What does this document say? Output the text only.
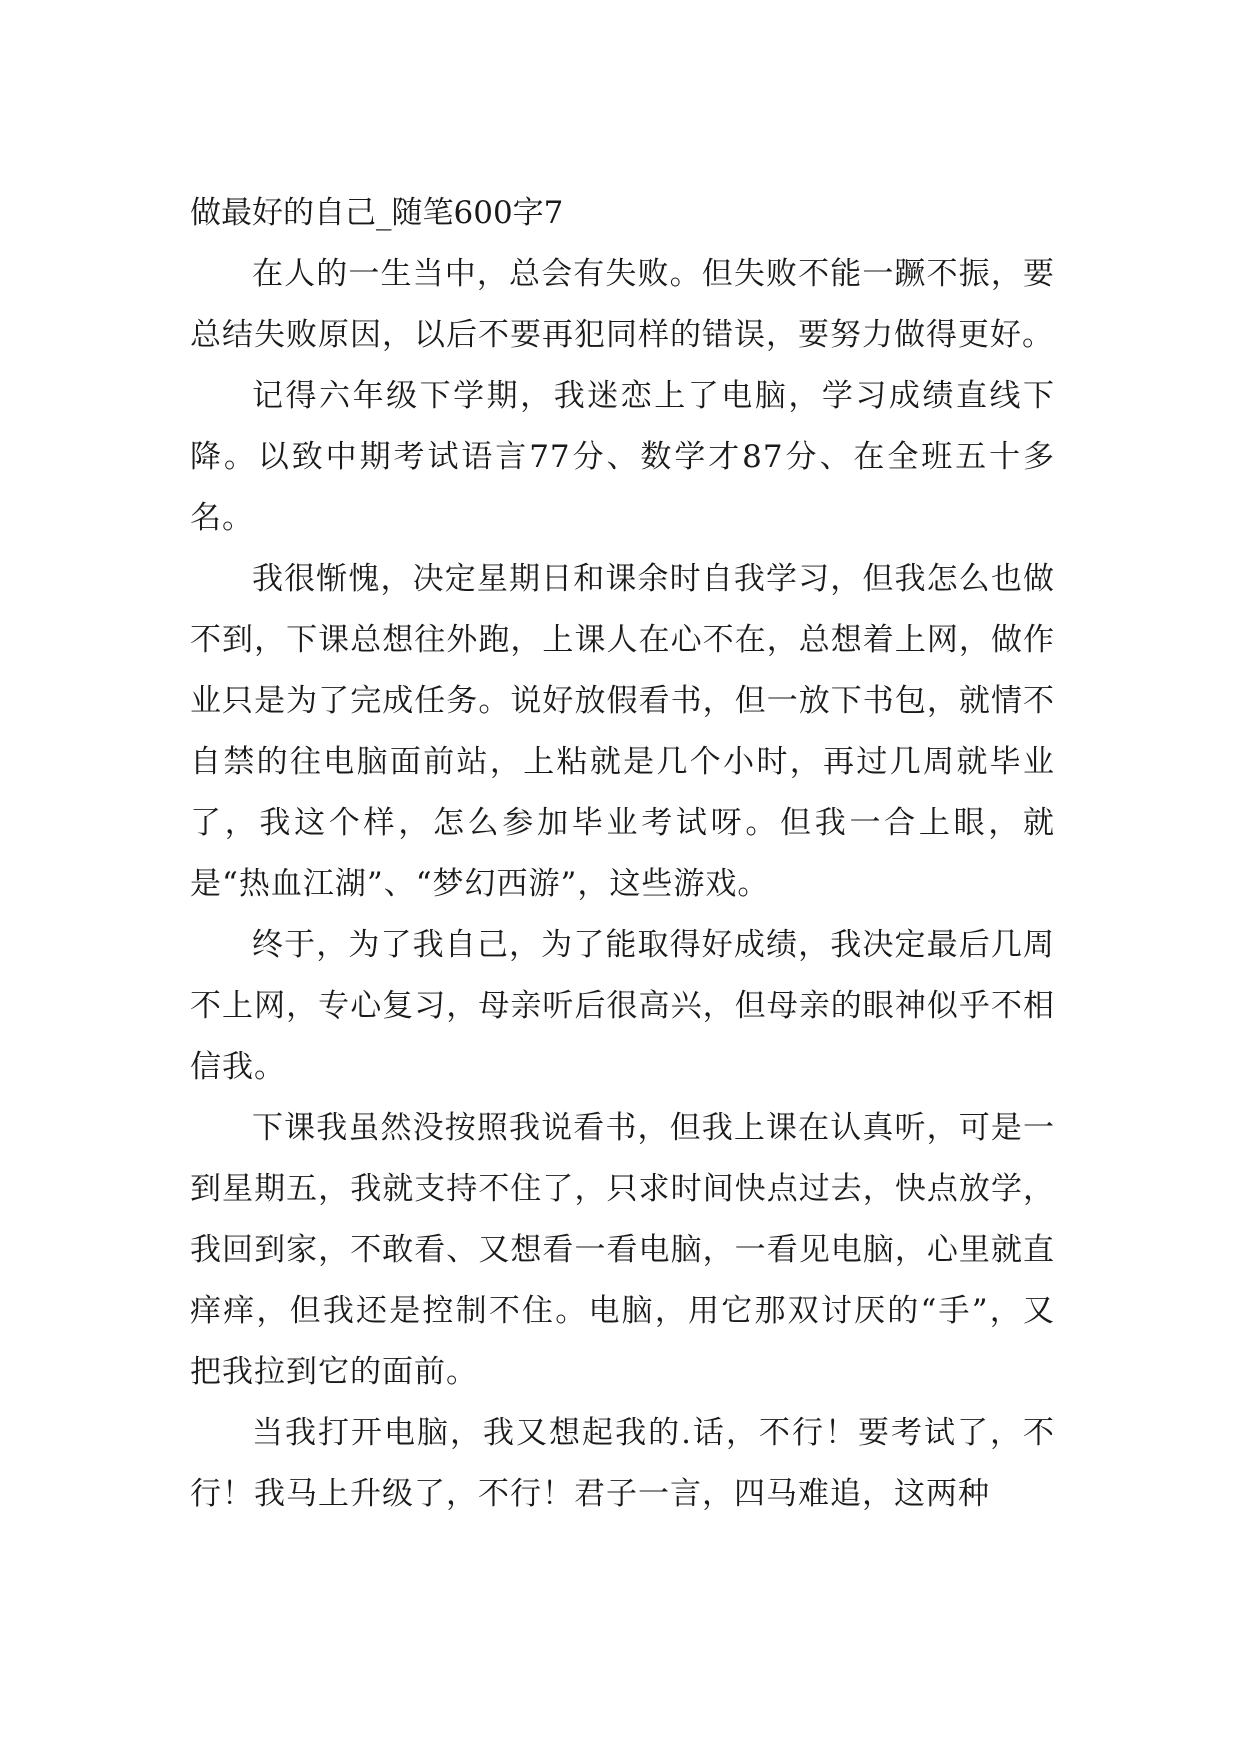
做最好的自己_随笔600字7

在人的一生当中，总会有失败。但失败不能一蹶不振，要总结失败原因，以后不要再犯同样的错误，要努力做得更好。

记得六年级下学期，我迷恋上了电脑，学习成绩直线下降。以致中期考试语言77分、数学才87分、在全班五十多名。

我很惭愧，决定星期日和课余时自我学习，但我怎么也做不到，下课总想往外跑，上课人在心不在，总想着上网，做作业只是为了完成任务。说好放假看书，但一放下书包，就情不自禁的往电脑面前站，上粘就是几个小时，再过几周就毕业了，我这个样，怎么参加毕业考试呀。但我一合上眼，就是“热血江湖”、“梦幻西游”，这些游戏。

终于，为了我自己，为了能取得好成绩，我决定最后几周不上网，专心复习，母亲听后很高兴，但母亲的眼神似乎不相信我。

下课我虽然没按照我说看书，但我上课在认真听，可是一到星期五，我就支持不住了，只求时间快点过去，快点放学，我回到家，不敢看、又想看一看电脑，一看见电脑，心里就直痒痒，但我还是控制不住。电脑，用它那双讨厌的“手”，又把我拉到它的面前。

当我打开电脑，我又想起我的.话，不行！要考试了，不行！我马上升级了，不行！君子一言，四马难追，这两种
